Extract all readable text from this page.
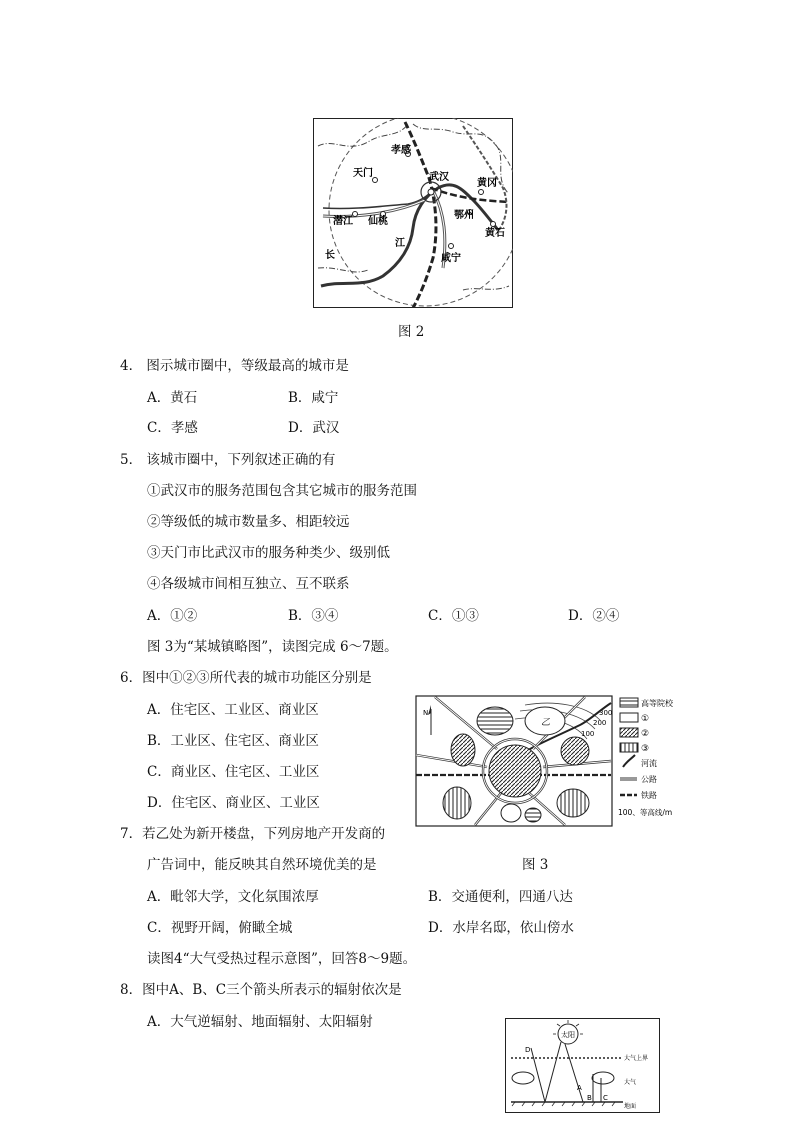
孝感
天门	武汉
黄冈
潜江 仙桃
鄂州
黄石
咸宁
长
江
图 2
4． 图示城市圈中，等级最高的城市是
A．黄石	B．咸宁
C．孝感	D．武汉
5． 该城市圈中，下列叙述正确的有
①武汉市的服务范围包含其它城市的服务范围
②等级低的城市数量多、相距较远
③天门市比武汉市的服务种类少、级别低
④各级城市间相互独立、互不联系
A．①②	B．③④	C．①③	D．②④
图 3为“某城镇略图”，读图完成 6～7题。
6．图中①②③所代表的城市功能区分别是
A．住宅区、工业区、商业区
B．工业区、住宅区、商业区
C．商业区、住宅区、工业区
D．住宅区、商业区、工业区
300
200
100
乙
N
高等院校
①
②
③
河流
公路
铁路
100、等高线/m
7．若乙处为新开楼盘，下列房地产开发商的
广告词中，能反映其自然环境优美的是	图 3
A．毗邻大学，文化氛围浓厚	B．交通便利，四通八达
C．视野开阔，俯瞰全城	D．水岸名邸，依山傍水
读图4“大气受热过程示意图”，回答8～9题。
8．图中A、B、C三个箭头所表示的辐射依次是
A．大气逆辐射、地面辐射、太阳辐射
太阳
大气上界
大气
地面
D
A
B C
